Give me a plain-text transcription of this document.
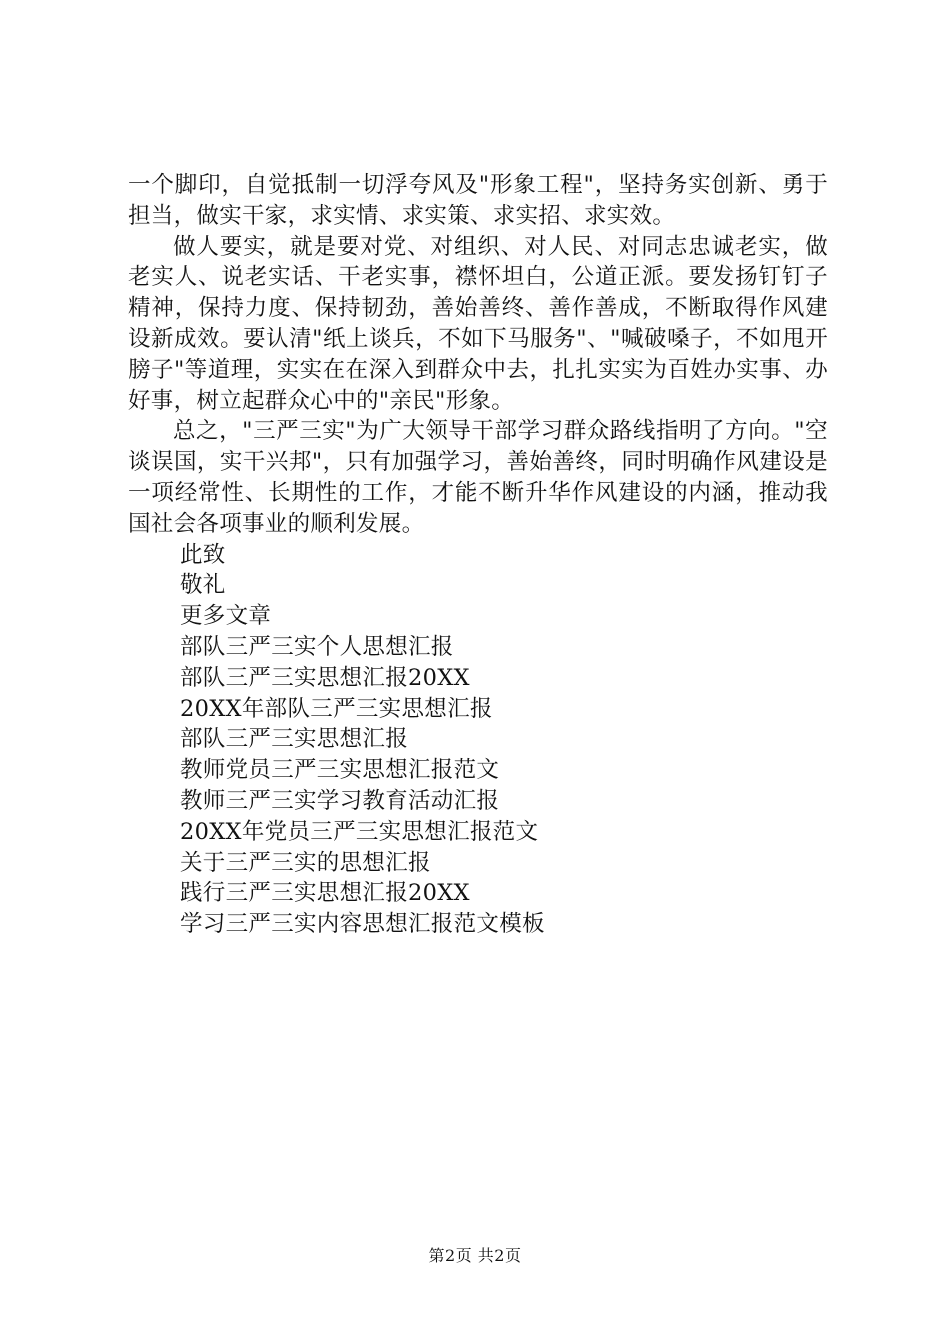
一个脚印，自觉抵制一切浮夸风及"形象工程"，坚持务实创新、勇于担当，做实干家，求实情、求实策、求实招、求实效。

做人要实，就是要对党、对组织、对人民、对同志忠诚老实，做老实人、说老实话、干老实事，襟怀坦白，公道正派。要发扬钉钉子精神，保持力度、保持韧劲，善始善终、善作善成，不断取得作风建设新成效。要认清"纸上谈兵，不如下马服务"、"喊破嗓子，不如甩开膀子"等道理，实实在在深入到群众中去，扎扎实实为百姓办实事、办好事，树立起群众心中的"亲民"形象。

总之，"三严三实"为广大领导干部学习群众路线指明了方向。"空谈误国，实干兴邦"，只有加强学习，善始善终，同时明确作风建设是一项经常性、长期性的工作，才能不断升华作风建设的内涵，推动我国社会各项事业的顺利发展。

此致

敬礼

更多文章

部队三严三实个人思想汇报
部队三严三实思想汇报20XX
20XX年部队三严三实思想汇报
部队三严三实思想汇报
教师党员三严三实思想汇报范文
教师三严三实学习教育活动汇报
20XX年党员三严三实思想汇报范文
关于三严三实的思想汇报
践行三严三实思想汇报20XX
学习三严三实内容思想汇报范文模板
第2页 共2页
